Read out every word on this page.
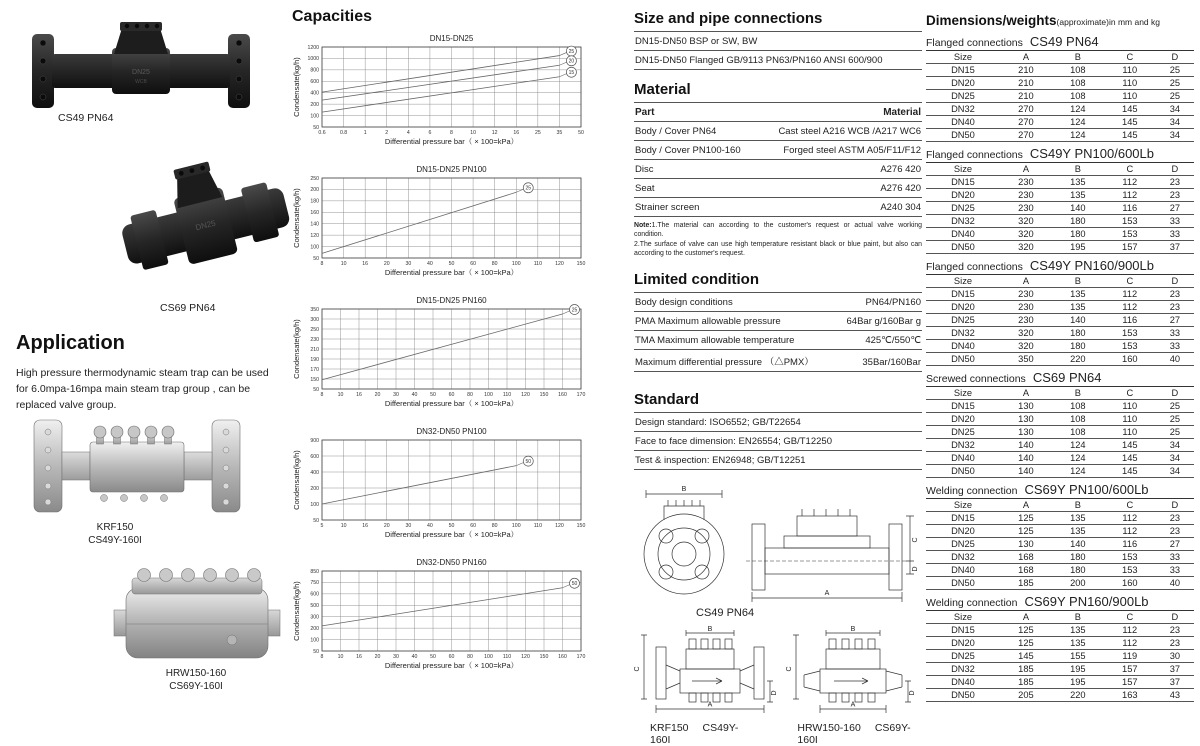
DN25
WCB
CS49 PN64
DN25
CS69 PN64
Application

High pressure thermodynamic steam trap can be used for 6.0mpa-16mpa main steam trap group , can be replaced valve group.

KRF150
CS49Y-160I
HRW150-160
CS69Y-160I
Capacities
DN15-DN25
0.6	0.8	1	2	4	6	8	10	12	16	25	35	50
50
100
200
400
600
800
1000
1200
Differential pressure bar（ × 100=kPa）
Condensate(kg/h)
25
20
15
DN15-DN25 PN100
8	10	16	20	30	40	50	60	80	100	110	120 150
50
100
120
140
160
180
200
250
Differential pressure bar（ × 100=kPa）
Condensate(kg/h)	25
DN15-DN25 PN160
8	10 16 20 30 40 50 60 80 100 110 120 150 160 170
50
150
170
190
210
230
250
300
350
Differential pressure bar（ × 100=kPa）
Condensate(kg/h)
25
DN32-DN50 PN100
5	10	16	20	30	40	50	60	80	100	110	120 150
50
100
200
400
600
900
Differential pressure bar（ × 100=kPa）
Condensate(kg/h)	50
DN32-DN50 PN160
8	10 16 20 30 40 50 60 80 100 110 120 150 160 170
50
100
200
300
500
600
750
850
Differential pressure bar（ × 100=kPa）
Condensate(kg/h)	50
Size and pipe connections
DN15-DN50 BSP or SW, BW
DN15-DN50 Flanged GB/9113 PN63/PN160 ANSI 600/900
Material
Part	Material
Body / Cover PN64	Cast steel A216 WCB /A217 WC6
Body / Cover PN100-160	Forged steel ASTM A05/F11/F12
Disc	A276 420
Seat	A276 420
Strainer screen	A240 304
Note:1.The material can according to the customer's request or actual valve working condition.
2.The surface of valve can use high temperature resistant black or blue paint, but also can according to the customer's request.
Limited condition
Body design conditions	PN64/PN160
PMA Maximum allowable pressure	64Bar g/160Bar g
TMA Maximum allowable temperature	425℃/550℃
Maximum differential pressure （△PMX）	35Bar/160Bar
Standard
Design standard: ISO6552; GB/T22654
Face to face dimension: EN26554; GB/T12250
Test & inspection: EN26948; GB/T12251
B
A
C
D
CS49 PN64
B
A
C
D
B
A
C
D
KRF150 CS49Y-160I
HRW150-160 CS69Y-160I
Dimensions/weights(approximate)in mm and kg
Flanged connections CS49 PN64
Size	A	B	C	D
DN15	210	108	110	25
DN20	210	108	110	25
DN25	210	108	110	25
DN32	270	124	145	34
DN40	270	124	145	34
DN50	270	124	145	34
Flanged connections CS49Y PN100/600Lb
Size	A	B	C	D
DN15	230	135	112	23
DN20	230	135	112	23
DN25	230	140	116	27
DN32	320	180	153	33
DN40	320	180	153	33
DN50	320	195	157	37
Flanged connections CS49Y PN160/900Lb
Size	A	B	C	D
DN15	230	135	112	23
DN20	230	135	112	23
DN25	230	140	116	27
DN32	320	180	153	33
DN40	320	180	153	33
DN50	350	220	160	40
Screwed connections CS69 PN64
Size	A	B	C	D
DN15	130	108	110	25
DN20	130	108	110	25
DN25	130	108	110	25
DN32	140	124	145	34
DN40	140	124	145	34
DN50	140	124	145	34
Welding connection CS69Y PN100/600Lb
Size	A	B	C	D
DN15	125	135	112	23
DN20	125	135	112	23
DN25	130	140	116	27
DN32	168	180	153	33
DN40	168	180	153	33
DN50	185	200	160	40
Welding connection CS69Y PN160/900Lb
Size	A	B	C	D
DN15	125	135	112	23
DN20	125	135	112	23
DN25	145	155	119	30
DN32	185	195	157	37
DN40	185	195	157	37
DN50	205	220	163	43
